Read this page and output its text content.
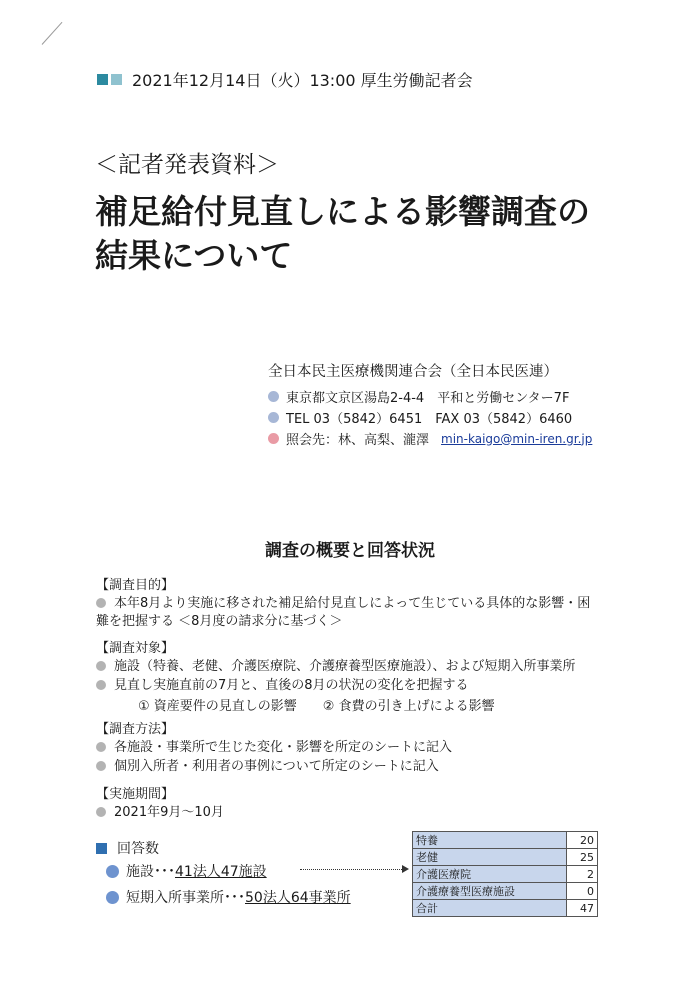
2021年12月14日（火）13:00 厚生労働記者会
＜記者発表資料＞
補足給付見直しによる影響調査の
結果について
全日本民主医療機関連合会（全日本民医連）
東京都文京区湯島2-4-4　平和と労働センター7F
TEL 03（5842）6451　FAX 03（5842）6460
照会先：林、高梨、瀧澤 min-kaigo@min-iren.gr.jp
調査の概要と回答状況
【調査目的】
本年8月より実施に移された補足給付見直しによって生じている具体的な影響・困
難を把握する ＜8月度の請求分に基づく＞
【調査対象】
施設（特養、老健、介護医療院、介護療養型医療施設）、および短期入所事業所
見直し実施直前の7月と、直後の8月の状況の変化を把握する
① 資産要件の見直しの影響　　② 食費の引き上げによる影響
【調査方法】
各施設・事業所で生じた変化・影響を所定のシートに記入
個別入所者・利用者の事例について所定のシートに記入
【実施期間】
2021年9月～10月
回答数
施設･･･ 41法人47施設
短期入所事業所･･･ 50法人64事業所
特養	20
老健	25
介護医療院	2
介護療養型医療施設	0
合計	47
